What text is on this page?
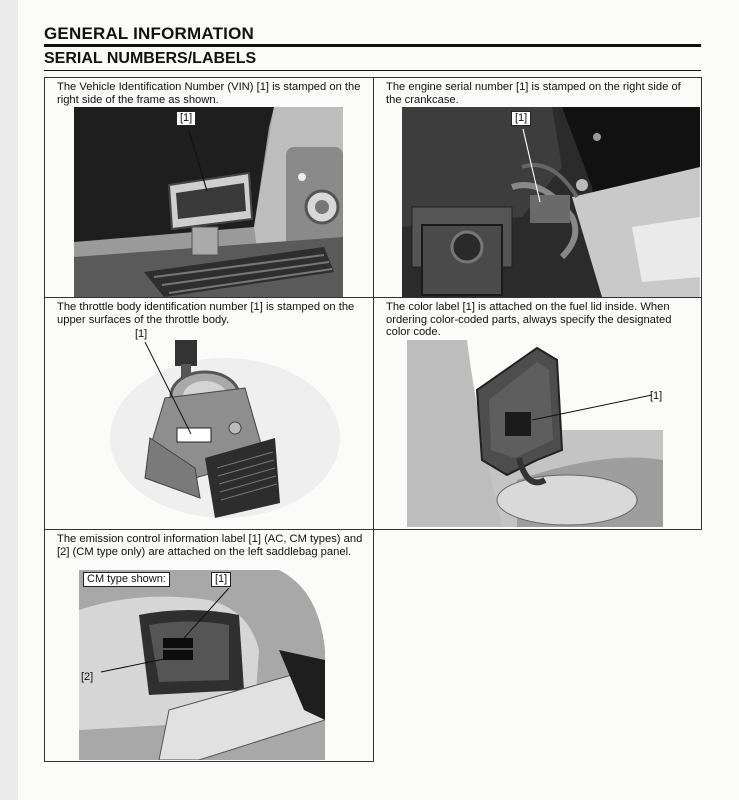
GENERAL INFORMATION
SERIAL NUMBERS/LABELS
The Vehicle Identification Number (VIN) [1] is stamped on the right side of the frame as shown.
[1]
The engine serial number [1] is stamped on the right side of the crankcase.
[1]
The throttle body identification number [1] is stamped on the upper surfaces of the throttle body.
[1]
The color label [1] is attached on the fuel lid inside. When ordering color-coded parts, always specify the designated color code.
[1]
The emission control information label [1] (AC, CM types) and [2] (CM type only) are attached on the left saddlebag panel.
CM type shown:	[1]
[2]
